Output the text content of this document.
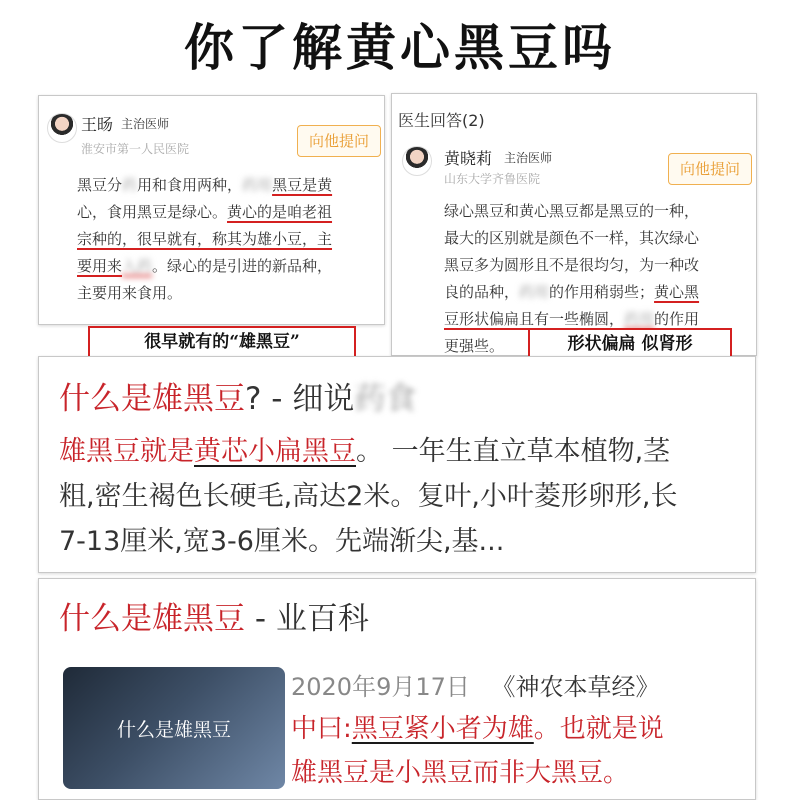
你了解黄心黑豆吗
王旸 主治医师
淮安市第一人民医院	向他提问
黑豆分药用和食用两种，药用黑豆是黄
心，食用黑豆是绿心。黄心的是咱老祖
宗种的，很早就有，称其为雄小豆，主
要用来入药。绿心的是引进的新品种，
主要用来食用。
很早就有的“雄黑豆”
医生回答(2)
黄晓莉 主治医师
山东大学齐鲁医院
向他提问
绿心黑豆和黄心黑豆都是黑豆的一种，
最大的区别就是颜色不一样，其次绿心
黑豆多为圆形且不是很均匀，为一种改
良的品种，药用的作用稍弱些；黄心黑
豆形状偏扁且有一些椭圆，药用的作用
更强些。	形状偏扁 似肾形
什么是雄黑豆? - 细说药食
雄黑豆就是黄芯小扁黑豆。 一年生直立草本植物,茎
粗,密生褐色长硬毛,高达2米。复叶,小叶菱形卵形,长
7-13厘米,宽3-6厘米。先端渐尖,基...
什么是雄黑豆 - 业百科
什么是雄黑豆
2020年9月17日 《神农本草经》
中曰:黑豆紧小者为雄。也就是说
雄黑豆是小黑豆而非大黑豆。
